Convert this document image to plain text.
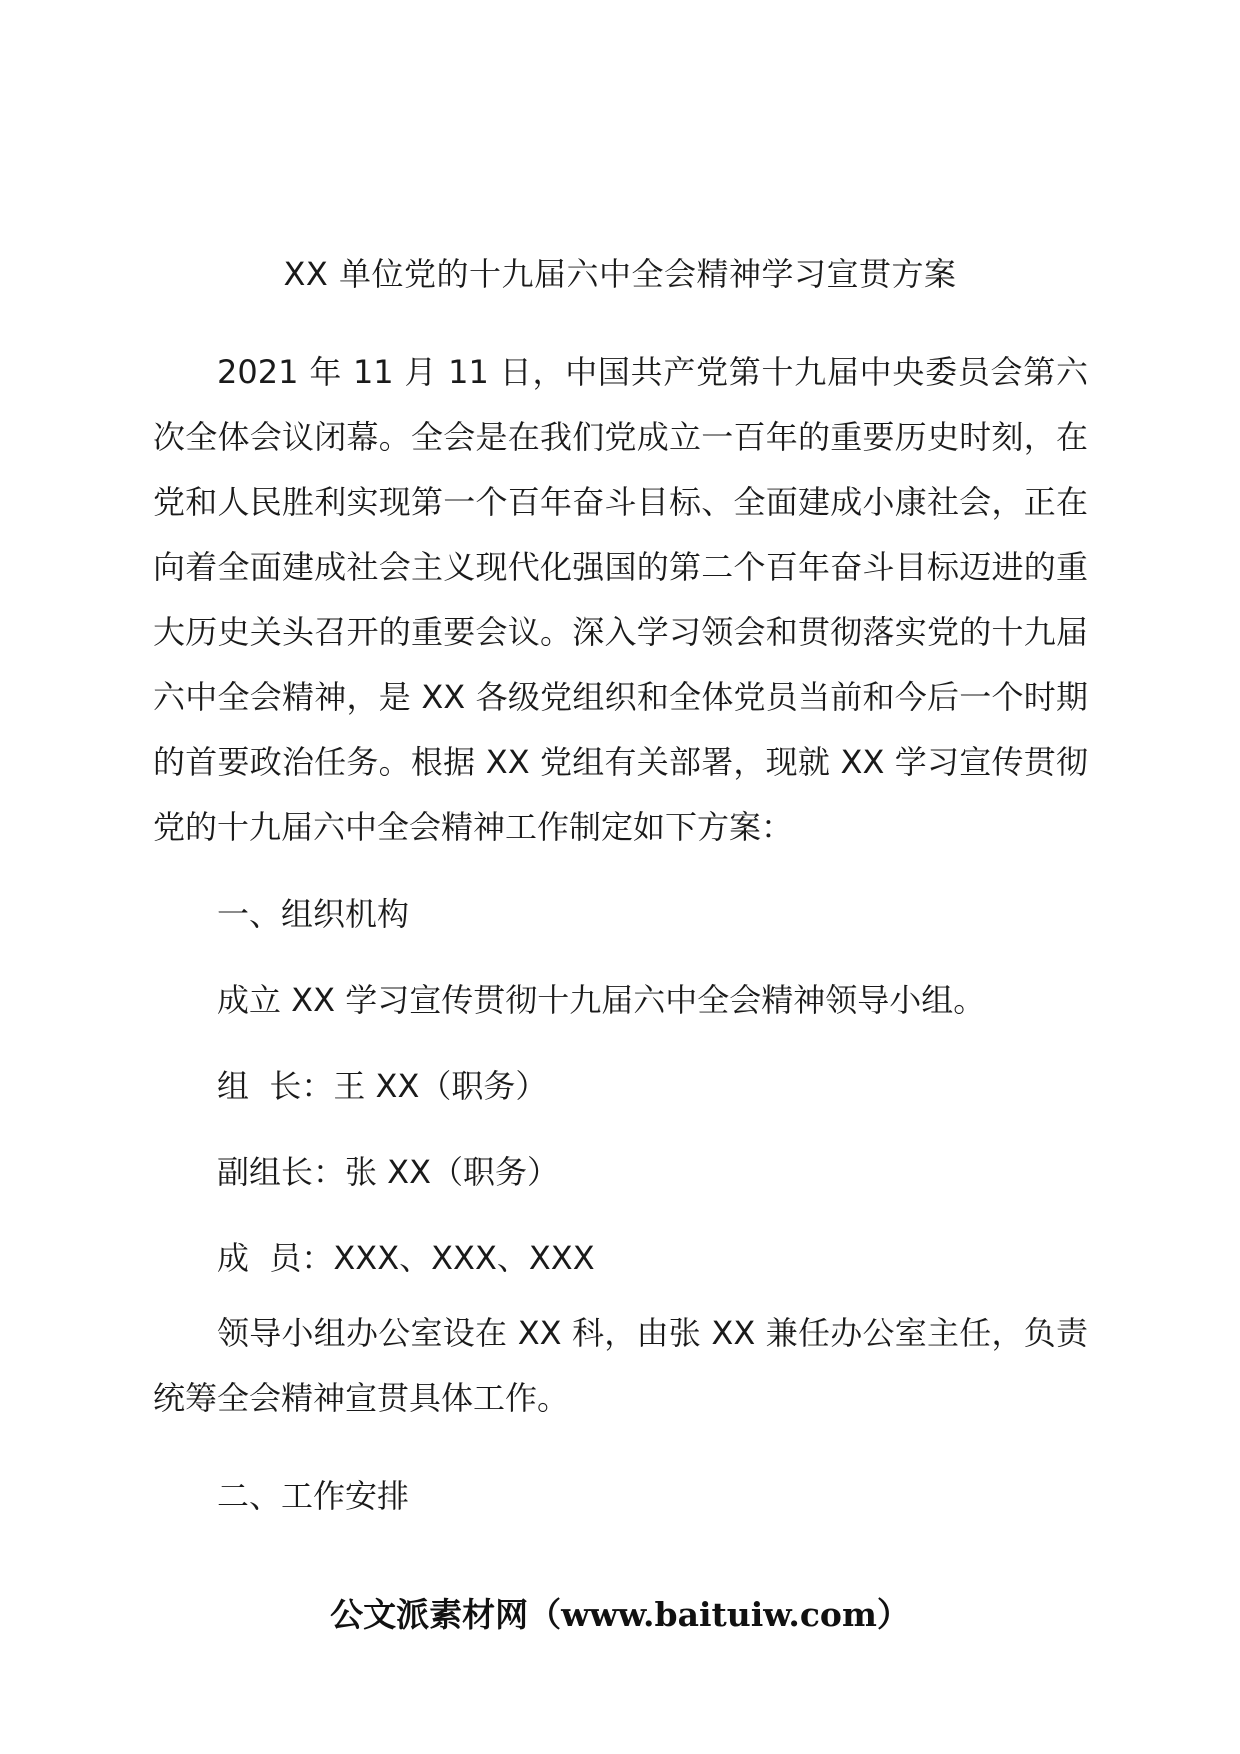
XX 单位党的十九届六中全会精神学习宣贯方案

2021 年 11 月 11 日，中国共产党第十九届中央委员会第六次全体会议闭幕。全会是在我们党成立一百年的重要历史时刻，在党和人民胜利实现第一个百年奋斗目标、全面建成小康社会，正在向着全面建成社会主义现代化强国的第二个百年奋斗目标迈进的重大历史关头召开的重要会议。深入学习领会和贯彻落实党的十九届六中全会精神，是 XX 各级党组织和全体党员当前和今后一个时期的首要政治任务。根据 XX 党组有关部署，现就 XX 学习宣传贯彻党的十九届六中全会精神工作制定如下方案：

一、组织机构

成立 XX 学习宣传贯彻十九届六中全会精神领导小组。

组  长：王 XX（职务）

副组长：张 XX（职务）

成  员：XXX、XXX、XXX

领导小组办公室设在 XX 科，由张 XX 兼任办公室主任，负责统筹全会精神宣贯具体工作。

二、工作安排

公文派素材网（www.baituiw.com）
